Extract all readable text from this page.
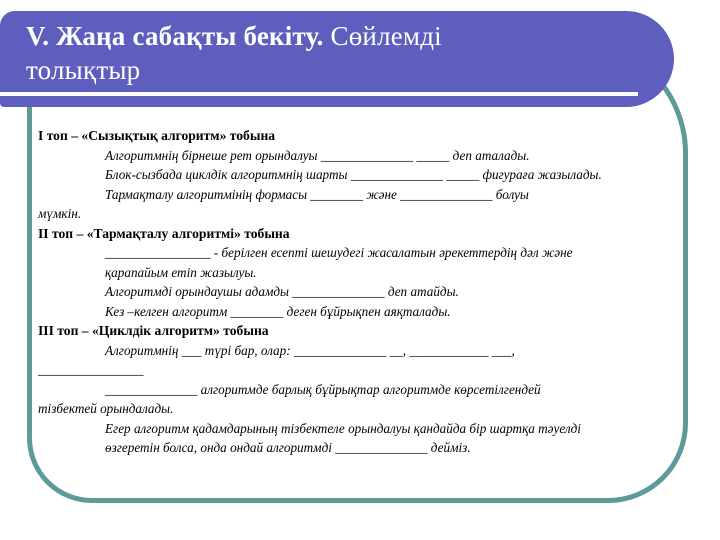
V. Жаңа сабақты бекіту. Сөйлемді толықтыр
І топ – «Сызықтық алгоритм» тобына
Алгоритмнің бірнеше рет орындалуы ______________ _____ деп аталады.
Блок-сызбада циклдік алгоритмнің шарты ______________ _____ фигураға жазылады.
Тармақталу алгоритмінің формасы ________ және ______________ болуы
мүмкін.
ІІ топ – «Тармақталу алгоритмі» тобына
________________ - берілген есепті шешудегі жасалатын әрекеттердің дәл және
қарапайым етіп жазылуы.
Алгоритмді орындаушы адамды ______________ деп атайды.
Кез –келген алгоритм ________ деген бұйрықпен аяқталады.
ІІІ топ – «Циклдік алгоритм» тобына
Алгоритмнің ___ түрі бар, олар: ______________ __, ____________ ___,
________________
______________ алгоритмде барлық бұйрықтар алгоритмде көрсетілгендей
тізбектей орындалады.
Егер алгоритм қадамдарының тізбектеле орындалуы қандайда бір шартқа тәуелді
өзгеретін болса, онда ондай алгоритмді ______________ дейміз.
